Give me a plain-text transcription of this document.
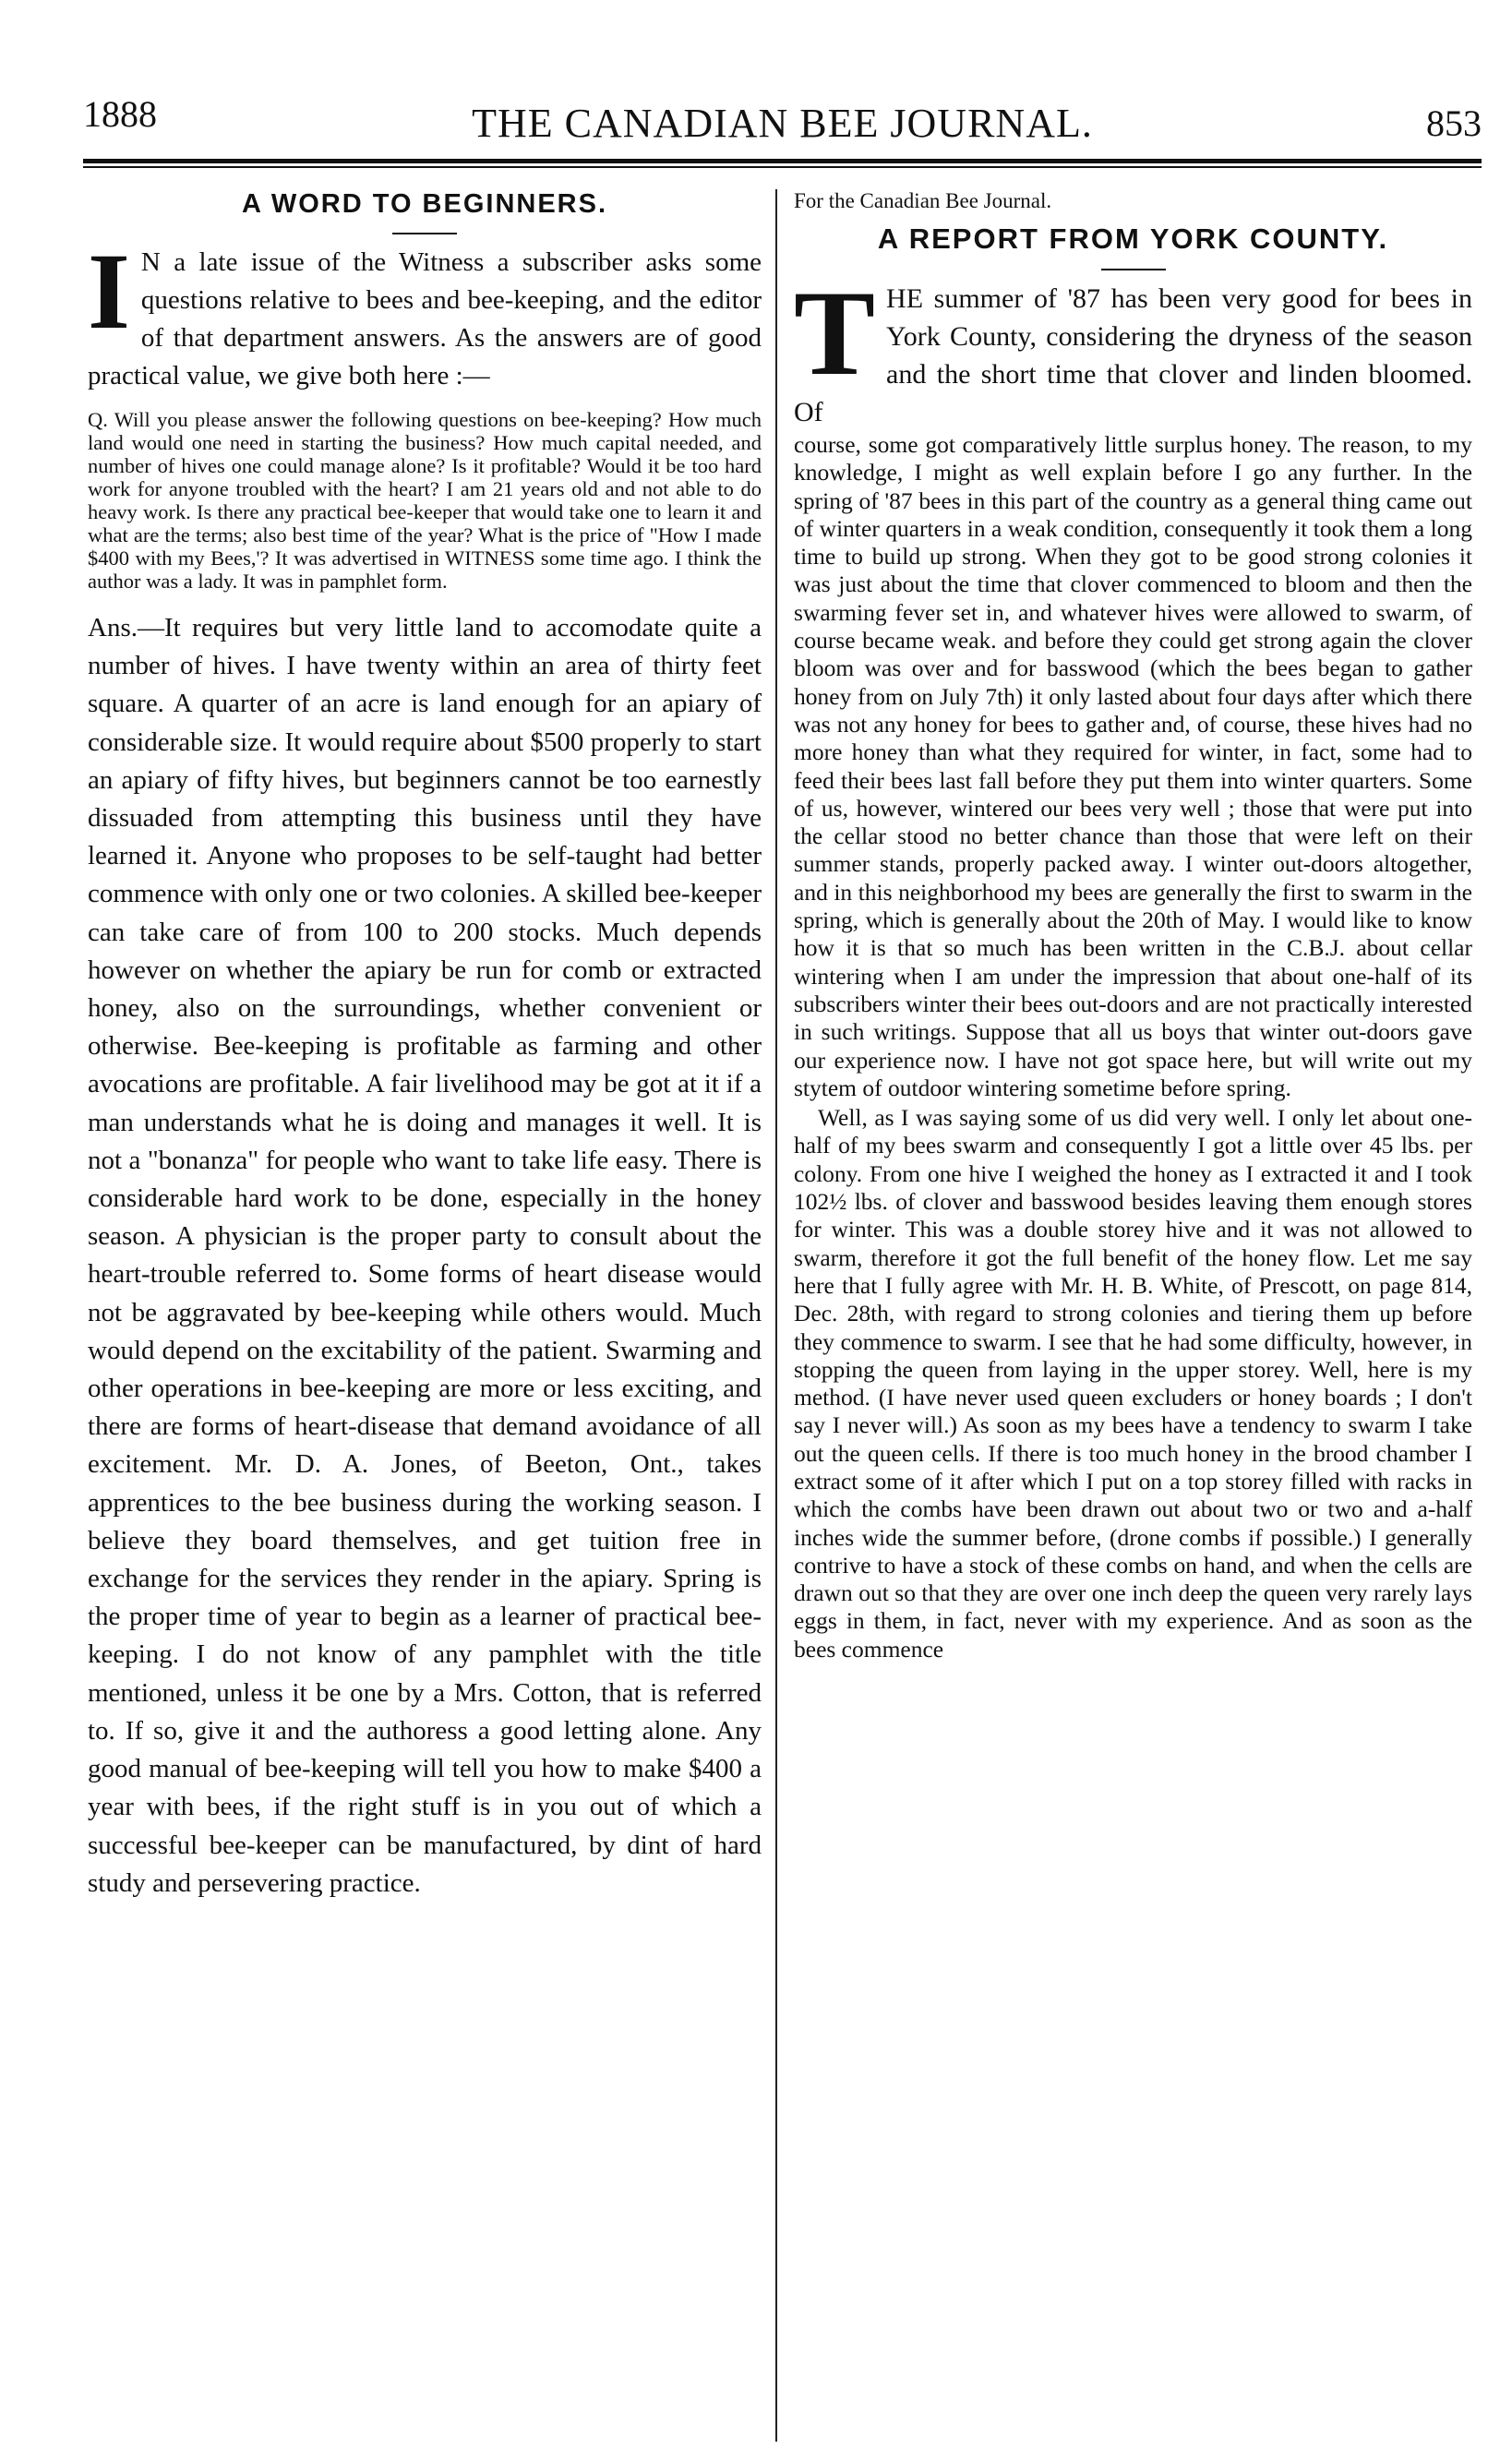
1888	THE CANADIAN BEE JOURNAL.	853
A WORD TO BEGINNERS.

I N a late issue of the Witness a subscriber asks some questions relative to bees and bee-keeping, and the editor of that department answers. As the answers are of good practical value, we give both here :—

Q. Will you please answer the following questions on bee-keeping? How much land would one need in starting the business? How much capital needed, and number of hives one could manage alone? Is it profitable? Would it be too hard work for anyone troubled with the heart? I am 21 years old and not able to do heavy work. Is there any practical bee-keeper that would take one to learn it and what are the terms; also best time of the year? What is the price of "How I made $400 with my Bees,'? It was advertised in WITNESS some time ago. I think the author was a lady. It was in pamphlet form.

Ans.—It requires but very little land to accomodate quite a number of hives. I have twenty within an area of thirty feet square. A quarter of an acre is land enough for an apiary of considerable size. It would require about $500 properly to start an apiary of fifty hives, but beginners cannot be too earnestly dissuaded from attempting this business until they have learned it. Anyone who proposes to be self-taught had better commence with only one or two colonies. A skilled bee-keeper can take care of from 100 to 200 stocks. Much depends however on whether the apiary be run for comb or extracted honey, also on the surroundings, whether convenient or otherwise. Bee-keeping is profitable as farming and other avocations are profitable. A fair livelihood may be got at it if a man understands what he is doing and manages it well. It is not a "bonanza" for people who want to take life easy. There is considerable hard work to be done, especially in the honey season. A physician is the proper party to consult about the heart-trouble referred to. Some forms of heart disease would not be aggravated by bee-keeping while others would. Much would depend on the excitability of the patient. Swarming and other operations in bee-keeping are more or less exciting, and there are forms of heart-disease that demand avoidance of all excitement. Mr. D. A. Jones, of Beeton, Ont., takes apprentices to the bee business during the working season. I believe they board themselves, and get tuition free in exchange for the services they render in the apiary. Spring is the proper time of year to begin as a learner of practical bee-keeping. I do not know of any pamphlet with the title mentioned, unless it be one by a Mrs. Cotton, that is referred to. If so, give it and the authoress a good letting alone. Any good manual of bee-keeping will tell you how to make $400 a year with bees, if the right stuff is in you out of which a successful bee-keeper can be manufactured, by dint of hard study and persevering practice.

For the Canadian Bee Journal.

A REPORT FROM YORK COUNTY.

THE summer of '87 has been very good for bees in York County, considering the dryness of the season and the short time that clover and linden bloomed. Of

course, some got comparatively little surplus honey. The reason, to my knowledge, I might as well explain before I go any further. In the spring of '87 bees in this part of the country as a general thing came out of winter quarters in a weak condition, consequently it took them a long time to build up strong. When they got to be good strong colonies it was just about the time that clover commenced to bloom and then the swarming fever set in, and whatever hives were allowed to swarm, of course became weak. and before they could get strong again the clover bloom was over and for basswood (which the bees began to gather honey from on July 7th) it only lasted about four days after which there was not any honey for bees to gather and, of course, these hives had no more honey than what they required for winter, in fact, some had to feed their bees last fall before they put them into winter quarters. Some of us, however, wintered our bees very well ; those that were put into the cellar stood no better chance than those that were left on their summer stands, properly packed away. I winter out-doors altogether, and in this neighborhood my bees are generally the first to swarm in the spring, which is generally about the 20th of May. I would like to know how it is that so much has been written in the C.B.J. about cellar wintering when I am under the impression that about one-half of its subscribers winter their bees out-doors and are not practically interested in such writings. Suppose that all us boys that winter out-doors gave our experience now. I have not got space here, but will write out my stytem of outdoor wintering sometime before spring.

Well, as I was saying some of us did very well. I only let about one-half of my bees swarm and consequently I got a little over 45 lbs. per colony. From one hive I weighed the honey as I extracted it and I took 102½ lbs. of clover and basswood besides leaving them enough stores for winter. This was a double storey hive and it was not allowed to swarm, therefore it got the full benefit of the honey flow. Let me say here that I fully agree with Mr. H. B. White, of Prescott, on page 814, Dec. 28th, with regard to strong colonies and tiering them up before they commence to swarm. I see that he had some difficulty, however, in stopping the queen from laying in the upper storey. Well, here is my method. (I have never used queen excluders or honey boards ; I don't say I never will.) As soon as my bees have a tendency to swarm I take out the queen cells. If there is too much honey in the brood chamber I extract some of it after which I put on a top storey filled with racks in which the combs have been drawn out about two or two and a-half inches wide the summer before, (drone combs if possible.) I generally contrive to have a stock of these combs on hand, and when the cells are drawn out so that they are over one inch deep the queen very rarely lays eggs in them, in fact, never with my experience. And as soon as the bees commence
